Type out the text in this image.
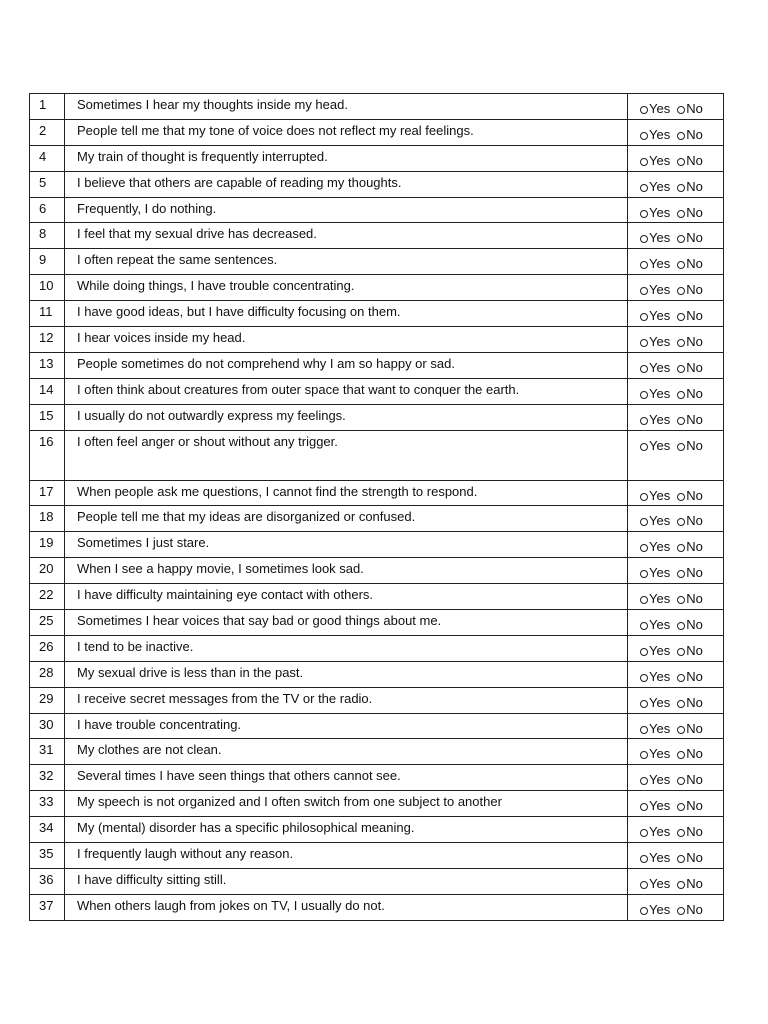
1	Sometimes I hear my thoughts inside my head.	Yes No
2	People tell me that my tone of voice does not reflect my real feelings.	Yes No
4	My train of thought is frequently interrupted.	Yes No
5	I believe that others are capable of reading my thoughts.	Yes No
6	Frequently, I do nothing.	Yes No
8	I feel that my sexual drive has decreased.	Yes No
9	I often repeat the same sentences.	Yes No
10	While doing things, I have trouble concentrating.	Yes No
11	I have good ideas, but I have difficulty focusing on them.	Yes No
12	I hear voices inside my head.	Yes No
13	People sometimes do not comprehend why I am so happy or sad.	Yes No
14	I often think about creatures from outer space that want to conquer the earth.	Yes No
15	I usually do not outwardly express my feelings.	Yes No
16	I often feel anger or shout without any trigger.	Yes No
17	When people ask me questions, I cannot find the strength to respond.	Yes No
18	People tell me that my ideas are disorganized or confused.	Yes No
19	Sometimes I just stare.	Yes No
20	When I see a happy movie, I sometimes look sad.	Yes No
22	I have difficulty maintaining eye contact with others.	Yes No
25	Sometimes I hear voices that say bad or good things about me.	Yes No
26	I tend to be inactive.	Yes No
28	My sexual drive is less than in the past.	Yes No
29	I receive secret messages from the TV or the radio.	Yes No
30	I have trouble concentrating.	Yes No
31	My clothes are not clean.	Yes No
32	Several times I have seen things that others cannot see.	Yes No
33	My speech is not organized and I often switch from one subject to another	Yes No
34	My (mental) disorder has a specific philosophical meaning.	Yes No
35	I frequently laugh without any reason.	Yes No
36	I have difficulty sitting still.	Yes No
37	When others laugh from jokes on TV, I usually do not.	Yes No
